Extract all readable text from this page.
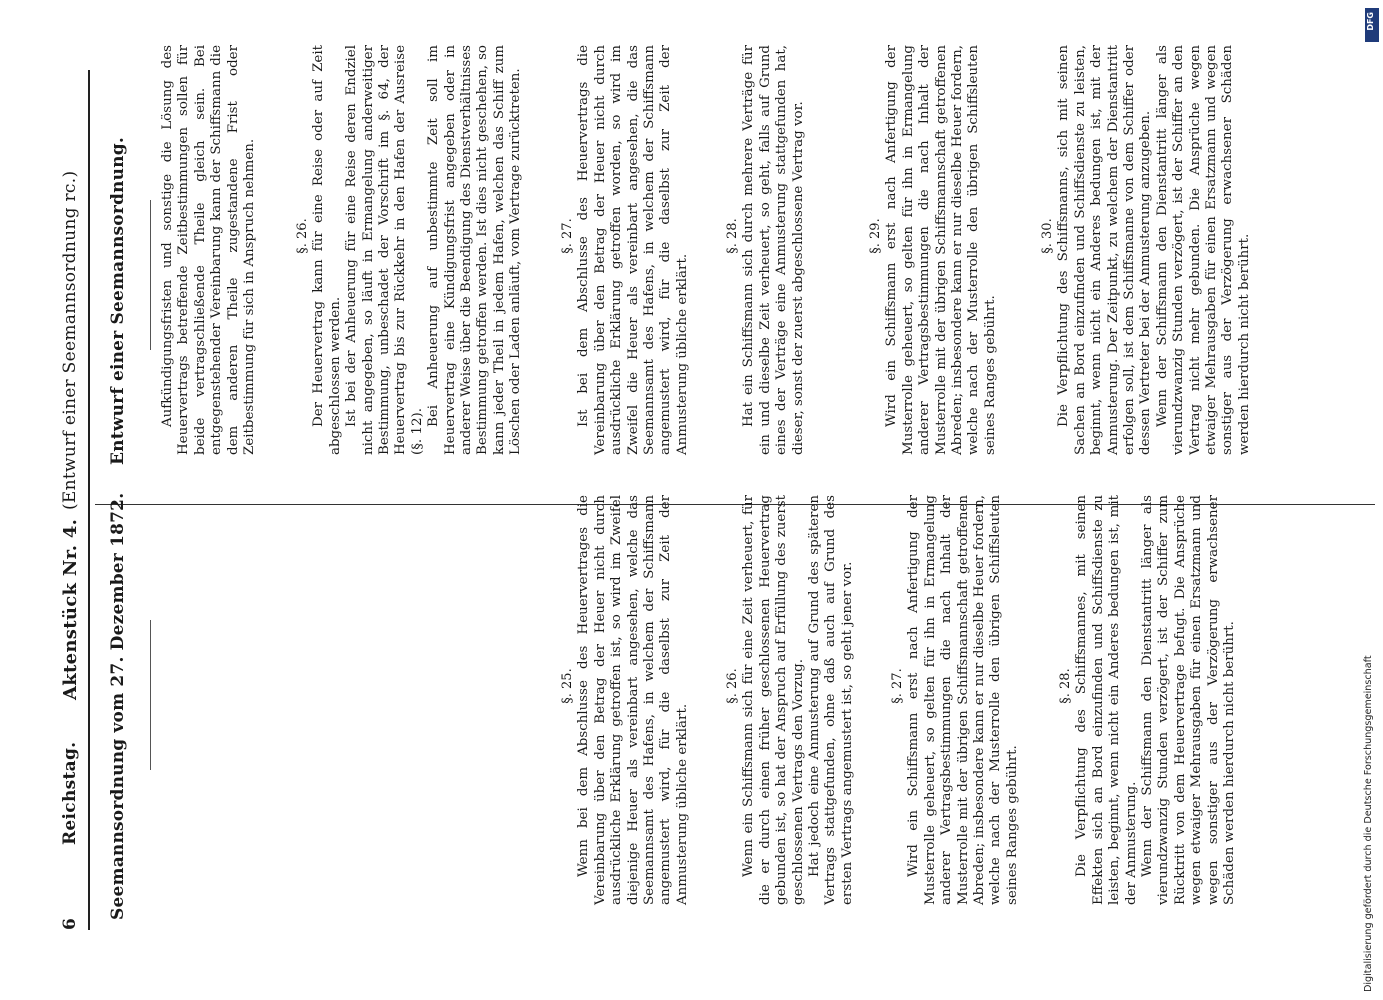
6
Reichstag.
Aktenstück Nr. 4.
(Entwurf einer Seemannsordnung rc.)
Seemannsordnung vom 27. Dezember 1872.
Entwurf einer Seemannsordnung.

§. 25. Wenn bei dem Abschlusse des Heuervertrages die Vereinbarung über den Betrag der Heuer nicht durch ausdrückliche Erklärung getroffen ist, so wird im Zweifel diejenige Heuer als vereinbart angesehen, welche das Seemannsamt des Hafens, in welchem der Schiffsmann angemustert wird, für die daselbst zur Zeit der Anmusterung übliche erklärt.

§. 26. Wenn ein Schiffsmann sich für eine Zeit verheuert, für die er durch einen früher geschlossenen Heuervertrag gebunden ist, so hat der Anspruch auf Erfüllung des zuerst geschlossenen Vertrags den Vorzug. Hat jedoch eine Anmusterung auf Grund des späteren Vertrags stattgefunden, ohne daß auch auf Grund des ersten Vertrags angemustert ist, so geht jener vor.	§. 27. Wird ein Schiffsmann erst nach Anfertigung der Musterrolle geheuert, so gelten für ihn in Ermangelung anderer Vertragsbestimmungen die nach Inhalt der Musterrolle mit der übrigen Schiffsmannschaft getroffenen Abreden; insbesondere kann er nur dieselbe Heuer fordern, welche nach der Musterrolle den übrigen Schiffsleuten seines Ranges gebührt.

§. 28. Die Verpflichtung des Schiffsmannes, mit seinen Effekten sich an Bord einzufinden und Schiffsdienste zu leisten, beginnt, wenn nicht ein Anderes bedungen ist, mit der Anmusterung. Wenn der Schiffsmann den Dienstantritt länger als vierundzwanzig Stunden verzögert, ist der Schiffer zum Rücktritt von dem Heuervertrage befugt. Die Ansprüche wegen etwaiger Mehrausgaben für einen Ersatzmann und wegen sonstiger aus der Verzögerung erwachsener Schäden werden hierdurch nicht berührt.

Aufkündigungsfristen und sonstige die Lösung des Heuervertrags betreffende Zeitbestimmungen sollen für beide vertragschließende Theile gleich sein. Bei entgegenstehender Vereinbarung kann der Schiffsmann die dem anderen Theile zugestandene Frist oder Zeitbestimmung für sich in Anspruch nehmen.	§. 26. Der Heuervertrag kann für eine Reise oder auf Zeit abgeschlossen werden. Ist bei der Anheuerung für eine Reise deren Endziel nicht angegeben, so läuft in Ermangelung anderweitiger Bestimmung, unbeschadet der Vorschrift im §. 64, der Heuervertrag bis zur Rückkehr in den Hafen der Ausreise (§. 12).

Bei Anheuerung auf unbestimmte Zeit soll im Heuervertrag eine Kündigungsfrist angegeben oder in anderer Weise über die Beendigung des Dienstverhältnisses Bestimmung getroffen werden. Ist dies nicht geschehen, so kann jeder Theil in jedem Hafen, welchen das Schiff zum Löschen oder Laden anläuft, vom Vertrage zurücktreten.	§. 27. Ist bei dem Abschlusse des Heuervertrags die Vereinbarung über den Betrag der Heuer nicht durch ausdrückliche Erklärung getroffen worden, so wird im Zweifel die Heuer als vereinbart angesehen, die das Seemannsamt des Hafens, in welchem der Schiffsmann angemustert wird, für die daselbst zur Zeit der Anmusterung übliche erklärt.

§. 28. Hat ein Schiffsmann sich durch mehrere Verträge für ein und dieselbe Zeit verheuert, so geht, falls auf Grund eines der Verträge eine Anmusterung stattgefunden hat, dieser, sonst der zuerst abgeschlossene Vertrag vor.	§. 29. Wird ein Schiffsmann erst nach Anfertigung der Musterrolle geheuert, so gelten für ihn in Ermangelung anderer Vertragsbestimmungen die nach Inhalt der Musterrolle mit der übrigen Schiffsmannschaft getroffenen Abreden; insbesondere kann er nur dieselbe Heuer fordern, welche nach der Musterrolle den übrigen Schiffsleuten seines Ranges gebührt.

§. 30. Die Verpflichtung des Schiffsmanns, sich mit seinen Sachen an Bord einzufinden und Schiffsdienste zu leisten, beginnt, wenn nicht ein Anderes bedungen ist, mit der Anmusterung. Der Zeitpunkt, zu welchem der Dienstantritt erfolgen soll, ist dem Schiffsmanne von dem Schiffer oder dessen Vertreter bei der Anmusterung anzugeben. Wenn der Schiffsmann den Dienstantritt länger als vierundzwanzig Stunden verzögert, ist der Schiffer an den Vertrag nicht mehr gebunden. Die Ansprüche wegen etwaiger Mehrausgaben für einen Ersatzmann und wegen sonstiger aus der Verzögerung erwachsener Schäden werden hierdurch nicht berührt.

Digitalisierung gefördert durch die Deutsche Forschungsgemeinschaft
DFG
